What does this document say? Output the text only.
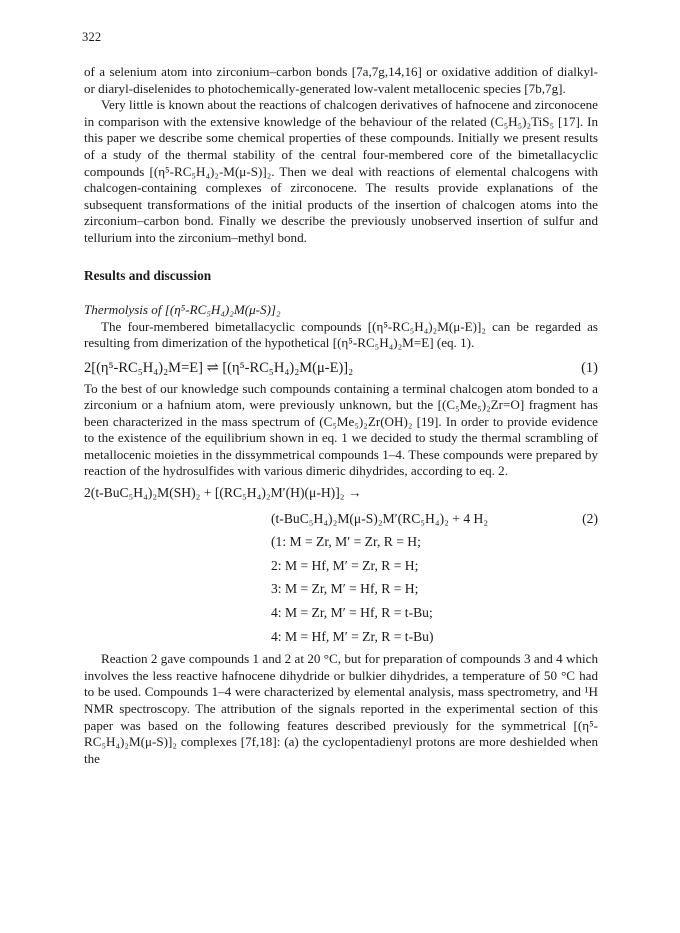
322

of a selenium atom into zirconium–carbon bonds [7a,7g,14,16] or oxidative addition of dialkyl- or diaryl-diselenides to photochemically-generated low-valent metallocenic species [7b,7g].

Very little is known about the reactions of chalcogen derivatives of hafnocene and zirconocene in comparison with the extensive knowledge of the behaviour of the related (C₅H₅)₂TiS₅ [17]. In this paper we describe some chemical properties of these compounds. Initially we present results of a study of the thermal stability of the central four-membered core of the bimetallacyclic compounds [(η⁵-RC₅H₄)₂-M(μ-S)]₂. Then we deal with reactions of elemental chalcogens with chalcogen-containing complexes of zirconocene. The results provide explanations of the subsequent transformations of the initial products of the insertion of chalcogen atoms into the zirconium–carbon bond. Finally we describe the previously unobserved insertion of sulfur and tellurium into the zirconium–methyl bond.

Results and discussion
Thermolysis of [(η⁵-RC₅H₄)₂M(μ-S)]₂

The four-membered bimetallacyclic compounds [(η⁵-RC₅H₄)₂M(μ-E)]₂ can be regarded as resulting from dimerization of the hypothetical [(η⁵-RC₅H₄)₂M=E] (eq. 1).

2[(η⁵-RC₅H₄)₂M=E] ⇌ [(η⁵-RC₅H₄)₂M(μ-E)]₂	(1)

To the best of our knowledge such compounds containing a terminal chalcogen atom bonded to a zirconium or a hafnium atom, were previously unknown, but the [(C₅Me₅)₂Zr=O] fragment has been characterized in the mass spectrum of (C₅Me₅)₂Zr(OH)₂ [19]. In order to provide evidence to the existence of the equilibrium shown in eq. 1 we decided to study the thermal scrambling of metallocenic moieties in the dissymmetrical compounds 1–4. These compounds were prepared by reaction of the hydrosulfides with various dimeric dihydrides, according to eq. 2.

2(t-BuC₅H₄)₂M(SH)₂ + [(RC₅H₄)₂M′(H)(μ-H)]₂ →
(t-BuC₅H₄)₂M(μ-S)₂M′(RC₅H₄)₂ + 4 H₂	(2)
(1: M = Zr, M′ = Zr, R = H;
2: M = Hf, M′ = Zr, R = H;
3: M = Zr, M′ = Hf, R = H;
4: M = Zr, M′ = Hf, R = t-Bu;
4: M = Hf, M′ = Zr, R = t-Bu)

Reaction 2 gave compounds 1 and 2 at 20 °C, but for preparation of compounds 3 and 4 which involves the less reactive hafnocene dihydride or bulkier dihydrides, a temperature of 50 °C had to be used. Compounds 1–4 were characterized by elemental analysis, mass spectrometry, and ¹H NMR spectroscopy. The attribution of the signals reported in the experimental section of this paper was based on the following features described previously for the symmetrical [(η⁵-RC₅H₄)₂M(μ-S)]₂ complexes [7f,18]: (a) the cyclopentadienyl protons are more deshielded when the
